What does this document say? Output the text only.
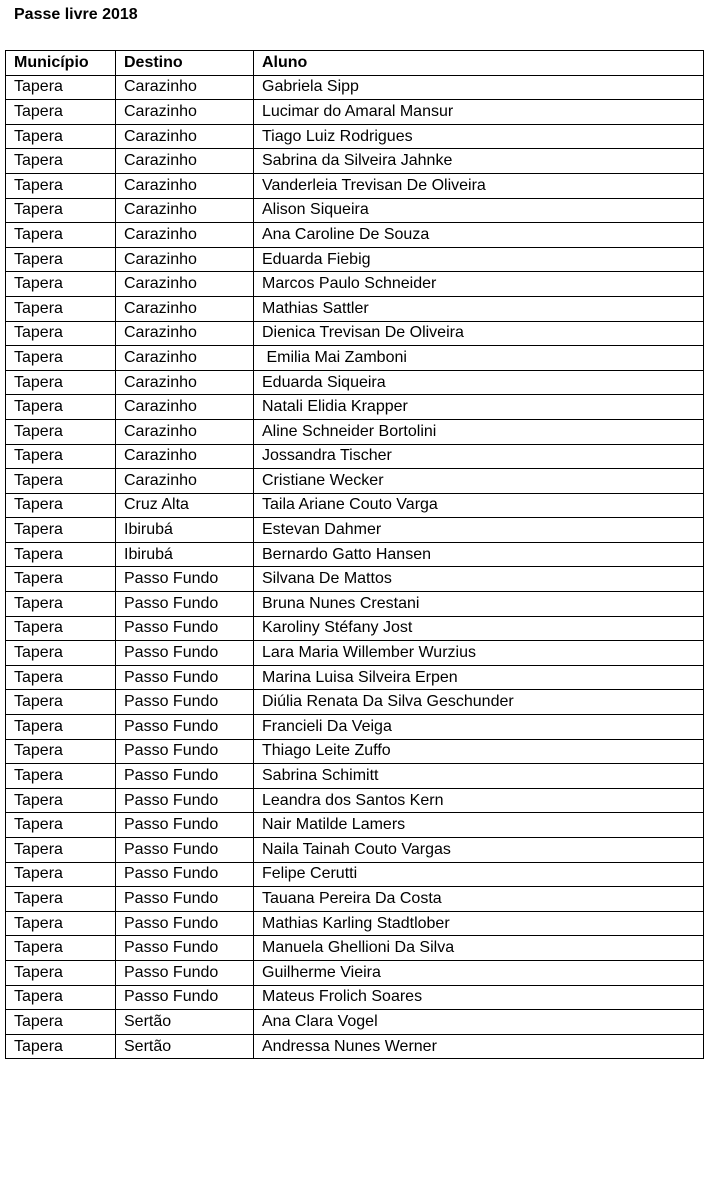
Passe livre 2018
Município	Destino	Aluno
Tapera	Carazinho	Gabriela Sipp
Tapera	Carazinho	Lucimar do Amaral Mansur
Tapera	Carazinho	Tiago Luiz Rodrigues
Tapera	Carazinho	Sabrina da Silveira Jahnke
Tapera	Carazinho	Vanderleia Trevisan De Oliveira
Tapera	Carazinho	Alison Siqueira
Tapera	Carazinho	Ana Caroline De Souza
Tapera	Carazinho	Eduarda Fiebig
Tapera	Carazinho	Marcos Paulo Schneider
Tapera	Carazinho	Mathias Sattler
Tapera	Carazinho	Dienica Trevisan De Oliveira
Tapera	Carazinho	Emilia Mai Zamboni
Tapera	Carazinho	Eduarda Siqueira
Tapera	Carazinho	Natali Elidia Krapper
Tapera	Carazinho	Aline Schneider Bortolini
Tapera	Carazinho	Jossandra Tischer
Tapera	Carazinho	Cristiane Wecker
Tapera	Cruz Alta	Taila Ariane Couto Varga
Tapera	Ibirubá	Estevan Dahmer
Tapera	Ibirubá	Bernardo Gatto Hansen
Tapera	Passo Fundo	Silvana De Mattos
Tapera	Passo Fundo	Bruna Nunes Crestani
Tapera	Passo Fundo	Karoliny Stéfany Jost
Tapera	Passo Fundo	Lara Maria Willember Wurzius
Tapera	Passo Fundo	Marina Luisa Silveira Erpen
Tapera	Passo Fundo	Diúlia Renata Da Silva Geschunder
Tapera	Passo Fundo	Francieli Da Veiga
Tapera	Passo Fundo	Thiago Leite Zuffo
Tapera	Passo Fundo	Sabrina Schimitt
Tapera	Passo Fundo	Leandra dos Santos Kern
Tapera	Passo Fundo	Nair Matilde Lamers
Tapera	Passo Fundo	Naila Tainah Couto Vargas
Tapera	Passo Fundo	Felipe Cerutti
Tapera	Passo Fundo	Tauana Pereira Da Costa
Tapera	Passo Fundo	Mathias Karling Stadtlober
Tapera	Passo Fundo	Manuela Ghellioni Da Silva
Tapera	Passo Fundo	Guilherme Vieira
Tapera	Passo Fundo	Mateus Frolich Soares
Tapera	Sertão	Ana Clara Vogel
Tapera	Sertão	Andressa Nunes Werner
